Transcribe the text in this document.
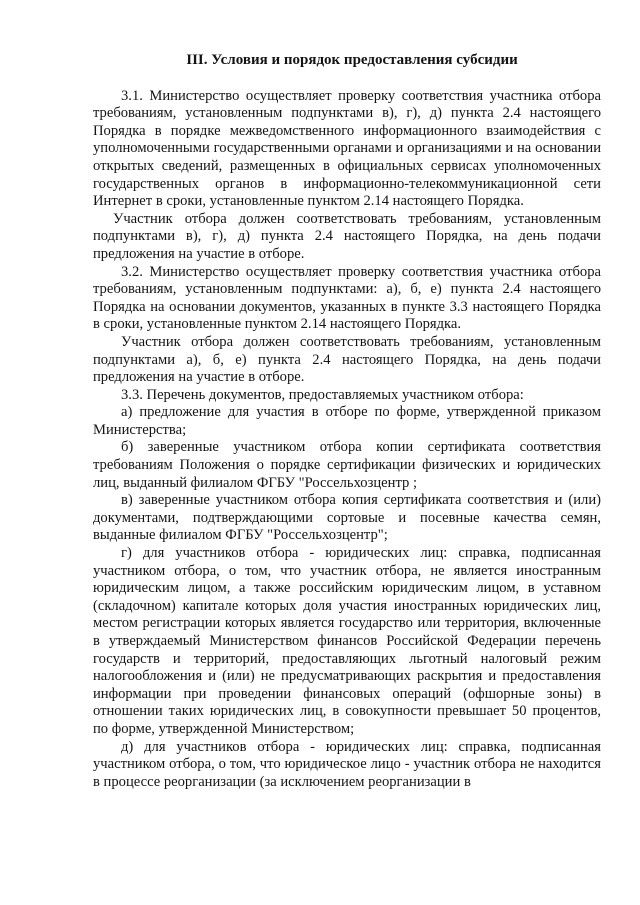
III. Условия и порядок предоставления субсидии

3.1. Министерство осуществляет проверку соответствия участника отбора требованиям, установленным подпунктами в), г), д) пункта 2.4 настоящего Порядка в порядке межведомственного информационного взаимодействия с уполномоченными государственными органами и организациями и на основании открытых сведений, размещенных в официальных сервисах уполномоченных государственных органов в информационно-телекоммуникационной сети Интернет в сроки, установленные пунктом 2.14 настоящего Порядка.

Участник отбора должен соответствовать требованиям, установленным подпунктами в), г), д) пункта 2.4 настоящего Порядка, на день подачи предложения на участие в отборе.

3.2. Министерство осуществляет проверку соответствия участника отбора требованиям, установленным подпунктами: а), б, е) пункта 2.4 настоящего Порядка на основании документов, указанных в пункте 3.3 настоящего Порядка в сроки, установленные пунктом 2.14 настоящего Порядка.

Участник отбора должен соответствовать требованиям, установленным подпунктами а), б, е) пункта 2.4 настоящего Порядка, на день подачи предложения на участие в отборе.

3.3. Перечень документов, предоставляемых участником отбора:

а) предложение для участия в отборе по форме, утвержденной приказом Министерства;

б) заверенные участником отбора копии сертификата соответствия требованиям Положения о порядке сертификации физических и юридических лиц, выданный филиалом ФГБУ "Россельхозцентр ;

в) заверенные участником отбора копия сертификата соответствия и (или) документами, подтверждающими сортовые и посевные качества семян, выданные филиалом ФГБУ "Россельхозцентр";

г) для участников отбора - юридических лиц: справка, подписанная участником отбора, о том, что участник отбора, не является иностранным юридическим лицом, а также российским юридическим лицом, в уставном (складочном) капитале которых доля участия иностранных юридических лиц, местом регистрации которых является государство или территория, включенные в утверждаемый Министерством финансов Российской Федерации перечень государств и территорий, предоставляющих льготный налоговый режим налогообложения и (или) не предусматривающих раскрытия и предоставления информации при проведении финансовых операций (офшорные зоны) в отношении таких юридических лиц, в совокупности превышает 50 процентов, по форме, утвержденной Министерством;

д) для участников отбора - юридических лиц: справка, подписанная участником отбора, о том, что юридическое лицо - участник отбора не находится в процессе реорганизации (за исключением реорганизации в
